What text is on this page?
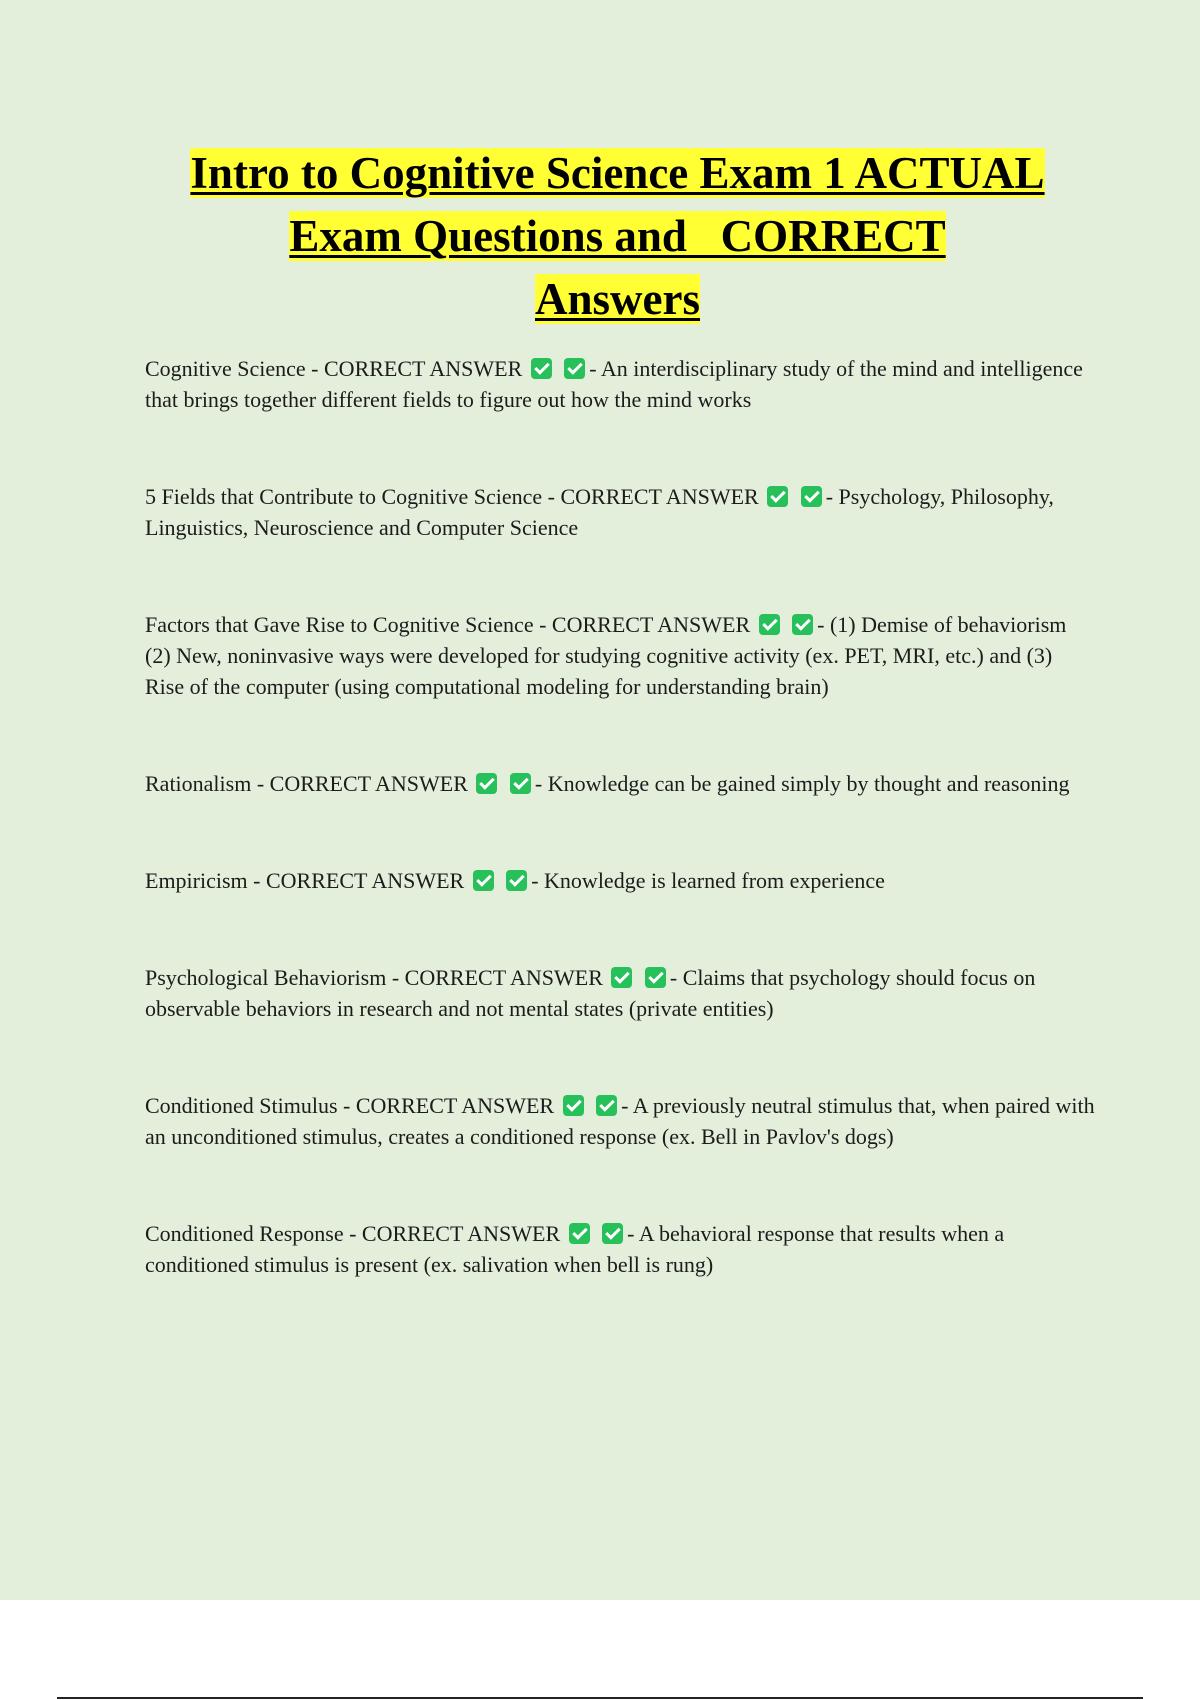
Intro to Cognitive Science Exam 1 ACTUAL
Exam Questions and   CORRECT
Answers

Cognitive Science - CORRECT ANSWER	- An interdisciplinary study of the mind and intelligence that brings together different fields to figure out how the mind works

5 Fields that Contribute to Cognitive Science - CORRECT ANSWER	- Psychology, Philosophy, Linguistics, Neuroscience and Computer Science

Factors that Gave Rise to Cognitive Science - CORRECT ANSWER	- (1) Demise of behaviorism (2) New, noninvasive ways were developed for studying cognitive activity (ex. PET, MRI, etc.) and (3) Rise of the computer (using computational modeling for understanding brain)

Rationalism - CORRECT ANSWER	- Knowledge can be gained simply by thought and reasoning

Empiricism - CORRECT ANSWER	- Knowledge is learned from experience

Psychological Behaviorism - CORRECT ANSWER	- Claims that psychology should focus on observable behaviors in research and not mental states (private entities)

Conditioned Stimulus - CORRECT ANSWER	- A previously neutral stimulus that, when paired with an unconditioned stimulus, creates a conditioned response (ex. Bell in Pavlov's dogs)

Conditioned Response - CORRECT ANSWER	- A behavioral response that results when a conditioned stimulus is present (ex. salivation when bell is rung)
